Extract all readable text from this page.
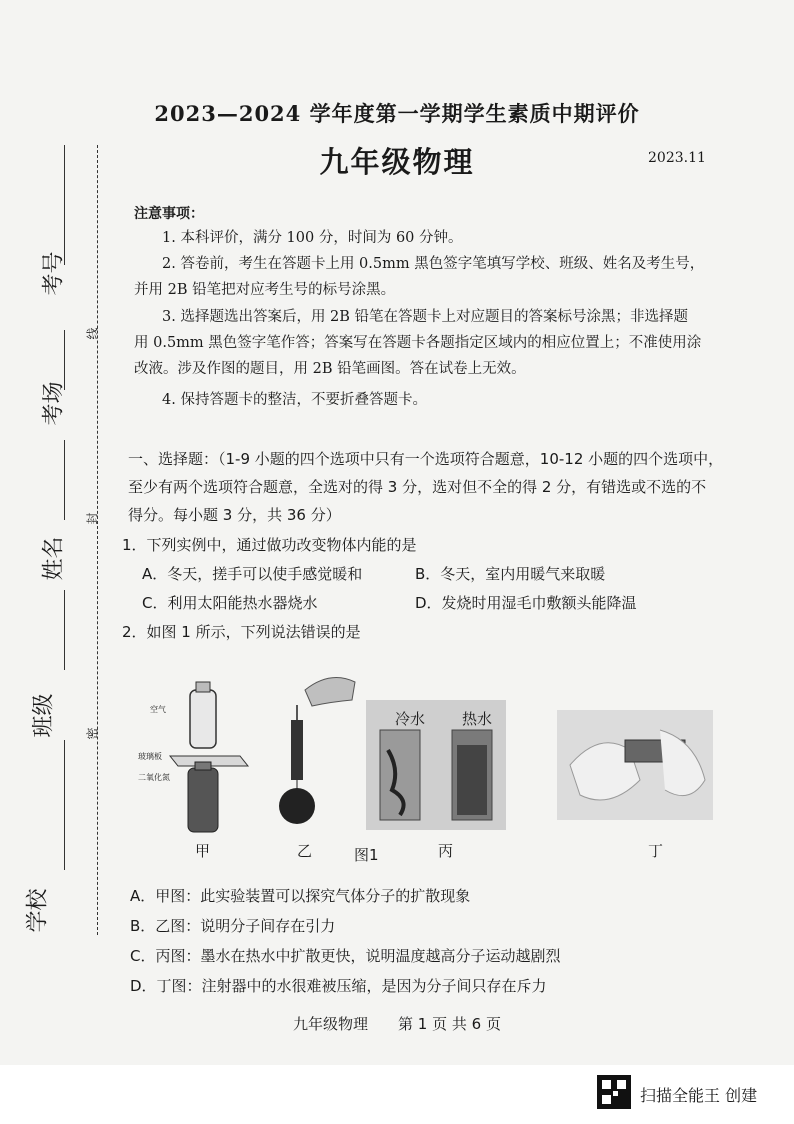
考号
考场
姓名
班级
学校
线
封
密
2023—2024 学年度第一学期学生素质中期评价
九年级物理	2023.11
注意事项：
1. 本科评价，满分 100 分，时间为 60 分钟。
2. 答卷前，考生在答题卡上用 0.5mm 黑色签字笔填写学校、班级、姓名及考生号，
并用 2B 铅笔把对应考生号的标号涂黑。
3. 选择题选出答案后，用 2B 铅笔在答题卡上对应题目的答案标号涂黑；非选择题
用 0.5mm 黑色签字笔作答；答案写在答题卡各题指定区域内的相应位置上；不准使用涂
改液。涉及作图的题目，用 2B 铅笔画图。答在试卷上无效。
4. 保持答题卡的整洁，不要折叠答题卡。
一、选择题：（1-9 小题的四个选项中只有一个选项符合题意，10-12 小题的四个选项中，
至少有两个选项符合题意，全选对的得 3 分，选对但不全的得 2 分，有错选或不选的不
得分。每小题 3 分，共 36 分）
1．下列实例中，通过做功改变物体内能的是
A．冬天，搓手可以使手感觉暖和	B．冬天，室内用暖气来取暖
C．利用太阳能热水器烧水	D．发烧时用湿毛巾敷额头能降温
2．如图 1 所示，下列说法错误的是
空气
玻璃板
二氧化氮
冷水 热水
甲	乙	图1	丙	丁
A．甲图：此实验装置可以探究气体分子的扩散现象
B．乙图：说明分子间存在引力
C．丙图：墨水在热水中扩散更快，说明温度越高分子运动越剧烈
D．丁图：注射器中的水很难被压缩，是因为分子间只存在斥力
九年级物理　　第 1 页 共 6 页
扫描全能王 创建
